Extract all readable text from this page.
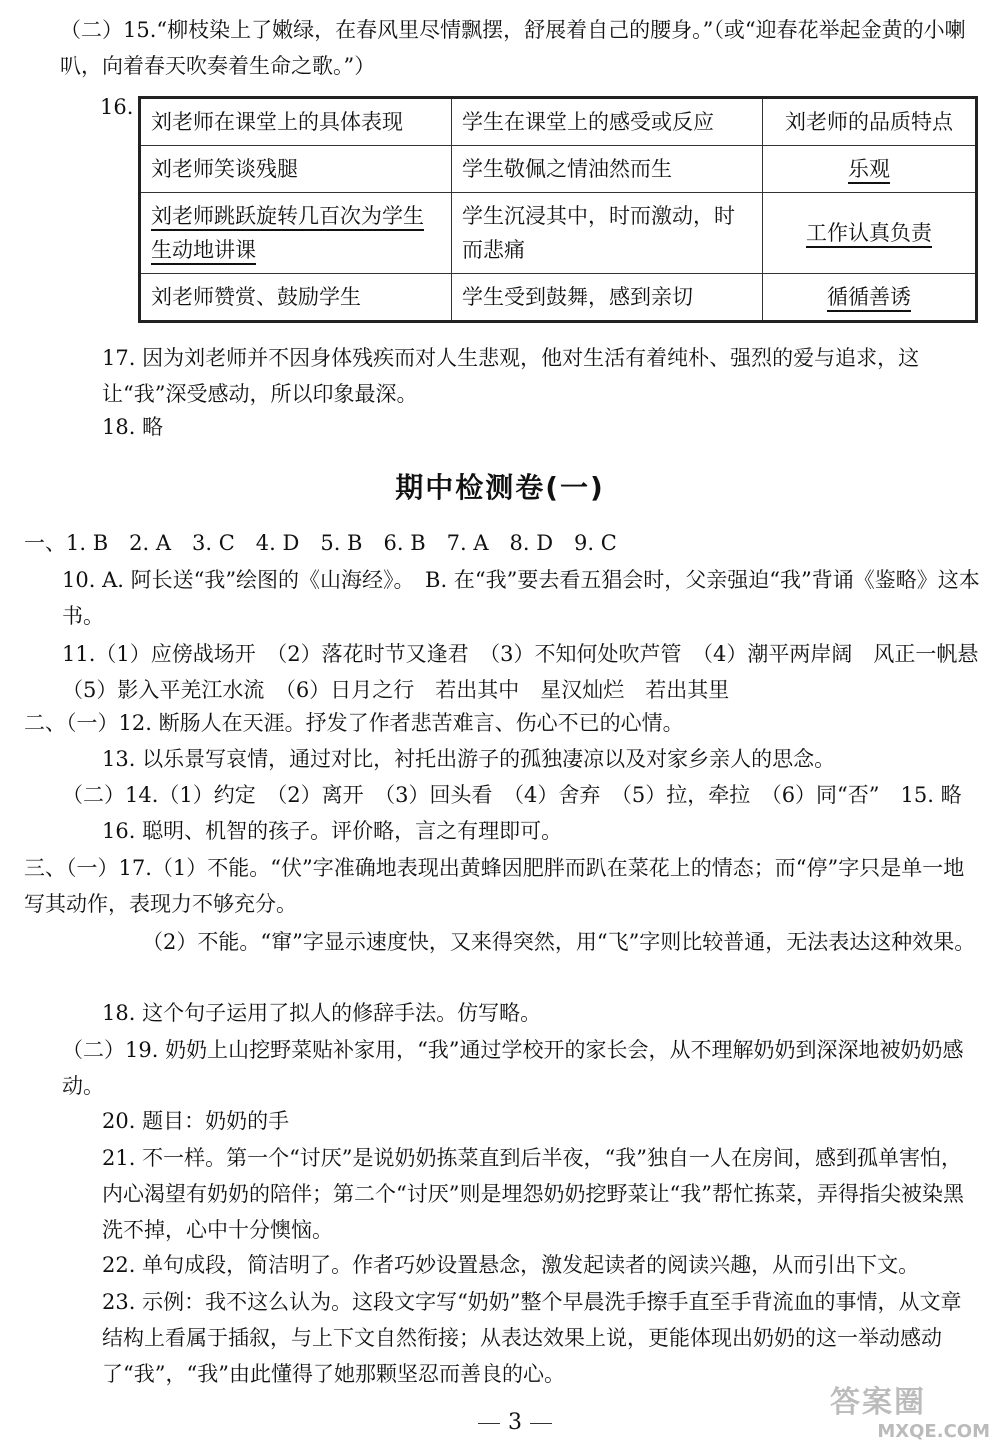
（二）15.“柳枝染上了嫩绿，在春风里尽情飘摆，舒展着自己的腰身。”（或“迎春花举起金黄的小喇叭，向着春天吹奏着生命之歌。”）
16.
刘老师在课堂上的具体表现	学生在课堂上的感受或反应	刘老师的品质特点
刘老师笑谈残腿	学生敬佩之情油然而生	乐观
刘老师跳跃旋转几百次为学生生动地讲课	学生沉浸其中，时而激动，时而悲痛	工作认真负责
刘老师赞赏、鼓励学生	学生受到鼓舞，感到亲切	循循善诱
17. 因为刘老师并不因身体残疾而对人生悲观，他对生活有着纯朴、强烈的爱与追求，这让“我”深受感动，所以印象最深。
18. 略
期中检测卷(一)
一、1. B　2. A　3. C　4. D　5. B　6. B　7. A　8. D　9. C
10. A. 阿长送“我”绘图的《山海经》。　B. 在“我”要去看五猖会时，父亲强迫“我”背诵《鉴略》这本书。
11.（1）应傍战场开　（2）落花时节又逢君　（3）不知何处吹芦管　（4）潮平两岸阔　风正一帆悬　（5）影入平羌江水流　（6）日月之行　若出其中　星汉灿烂　若出其里
二、（一）12. 断肠人在天涯。抒发了作者悲苦难言、伤心不已的心情。
13. 以乐景写哀情，通过对比，衬托出游子的孤独凄凉以及对家乡亲人的思念。
（二）14.（1）约定　（2）离开　（3）回头看　（4）舍弃　（5）拉，牵拉　（6）同“否”　15. 略
16. 聪明、机智的孩子。评价略，言之有理即可。
三、（一）17.（1）不能。“伏”字准确地表现出黄蜂因肥胖而趴在菜花上的情态；而“停”字只是单一地写其动作，表现力不够充分。
（2）不能。“窜”字显示速度快，又来得突然，用“飞”字则比较普通，无法表达这种效果。
18. 这个句子运用了拟人的修辞手法。仿写略。
（二）19. 奶奶上山挖野菜贴补家用，“我”通过学校开的家长会，从不理解奶奶到深深地被奶奶感动。
20. 题目：奶奶的手
21. 不一样。第一个“讨厌”是说奶奶拣菜直到后半夜，“我”独自一人在房间，感到孤单害怕，内心渴望有奶奶的陪伴；第二个“讨厌”则是埋怨奶奶挖野菜让“我”帮忙拣菜，弄得指尖被染黑洗不掉，心中十分懊恼。
22. 单句成段，简洁明了。作者巧妙设置悬念，激发起读者的阅读兴趣，从而引出下文。
23. 示例：我不这么认为。这段文字写“奶奶”整个早晨洗手擦手直至手背流血的事情，从文章结构上看属于插叙，与上下文自然衔接；从表达效果上说，更能体现出奶奶的这一举动感动了“我”，“我”由此懂得了她那颗坚忍而善良的心。
3
答案圈
MXQE.COM
